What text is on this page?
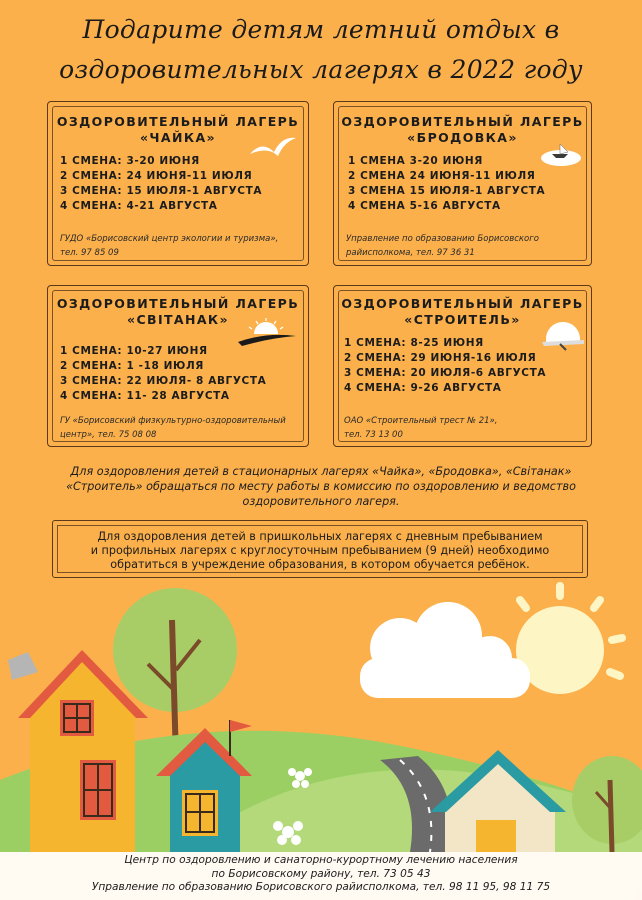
Подарите детям летний отдых в
оздоровительных лагерях в 2022 году
ОЗДОРОВИТЕЛЬНЫЙ ЛАГЕРЬ
«ЧАЙКА»
1 СМЕНА: 3-20 ИЮНЯ
2 СМЕНА: 24 ИЮНЯ-11 ИЮЛЯ
3 СМЕНА: 15 ИЮЛЯ-1 АВГУСТА
4 СМЕНА: 4-21 АВГУСТА
ГУДО «Борисовский центр экологии и туризма»,
тел. 97 85 09
ОЗДОРОВИТЕЛЬНЫЙ ЛАГЕРЬ
«БРОДОВКА»
1 СМЕНА 3-20 ИЮНЯ
2 СМЕНА 24 ИЮНЯ-11 ИЮЛЯ
3 СМЕНА 15 ИЮЛЯ-1 АВГУСТА
4 СМЕНА 5-16 АВГУСТА
Управление по образованию Борисовского
райисполкома, тел. 97 36 31
ОЗДОРОВИТЕЛЬНЫЙ ЛАГЕРЬ
«СВІТАНАК»
1 СМЕНА: 10-27 ИЮНЯ
2 СМЕНА: 1 -18 ИЮЛЯ
3 СМЕНА: 22 ИЮЛЯ- 8 АВГУСТА
4 СМЕНА: 11- 28 АВГУСТА
ГУ «Борисовский физкультурно-оздоровительный
центр», тел. 75 08 08
ОЗДОРОВИТЕЛЬНЫЙ ЛАГЕРЬ
«СТРОИТЕЛЬ»
1 СМЕНА: 8-25 ИЮНЯ
2 СМЕНА: 29 ИЮНЯ-16 ИЮЛЯ
3 СМЕНА: 20 ИЮЛЯ-6 АВГУСТА
4 СМЕНА: 9-26 АВГУСТА
ОАО «Строительный трест № 21»,
тел. 73 13 00
Для оздоровления детей в стационарных лагерях «Чайка», «Бродовка», «Світанак»
«Строитель» обращаться по месту работы в комиссию по оздоровлению и ведомство
оздоровительного лагеря.
Для оздоровления детей в пришкольных лагерях с дневным пребыванием
и профильных лагерях с круглосуточным пребыванием (9 дней) необходимо
обратиться в учреждение образования, в котором обучается ребёнок.
Центр по оздоровлению и санаторно-курортному лечению населения
по Борисовскому району, тел. 73 05 43
Управление по образованию Борисовского райисполкома, тел. 98 11 95, 98 11 75
